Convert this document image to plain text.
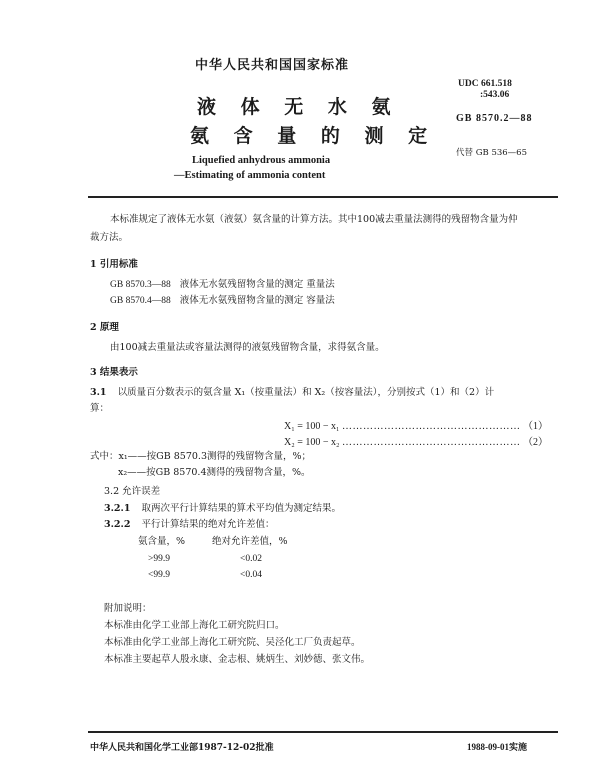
中华人民共和国国家标准
UDC 661.518
:543.06
GB 8570.2—88
代替 GB 536—65
液 体 无 水 氨
氨 含 量 的 测 定
Liquefied anhydrous ammonia
—Estimating of ammonia content
本标准规定了液体无水氨（液氨）氨含量的计算方法。其中100减去重量法测得的残留物含量为仲
裁方法。
1 引用标准
GB 8570.3—88 液体无水氨残留物含量的测定 重量法
GB 8570.4—88 液体无水氨残留物含量的测定 容量法
2 原理
由100减去重量法或容量法测得的液氨残留物含量，求得氨含量。
3 结果表示
3.1 以质量百分数表示的氨含量 X₁（按重量法）和 X₂（按容量法），分别按式（1）和（2）计
算：
X₁ = 100 − x₁ …………………………………………… （1）
X₂ = 100 − x₂ …………………………………………… （2）
式中：x₁——按GB 8570.3测得的残留物含量，%；
x₂——按GB 8570.4测得的残留物含量，%。
3.2 允许误差
3.2.1 取两次平行计算结果的算术平均值为测定结果。
3.2.2 平行计算结果的绝对允许差值：
氨含量，%	绝对允许差值，%
>99.9	<0.02
<99.9	<0.04
附加说明：
本标准由化学工业部上海化工研究院归口。
本标准由化学工业部上海化工研究院、吴泾化工厂负责起草。
本标准主要起草人殷永康、金志根、姚炳生、刘妙德、张文伟。
中华人民共和国化学工业部1987-12-02批准	1988-09-01实施
